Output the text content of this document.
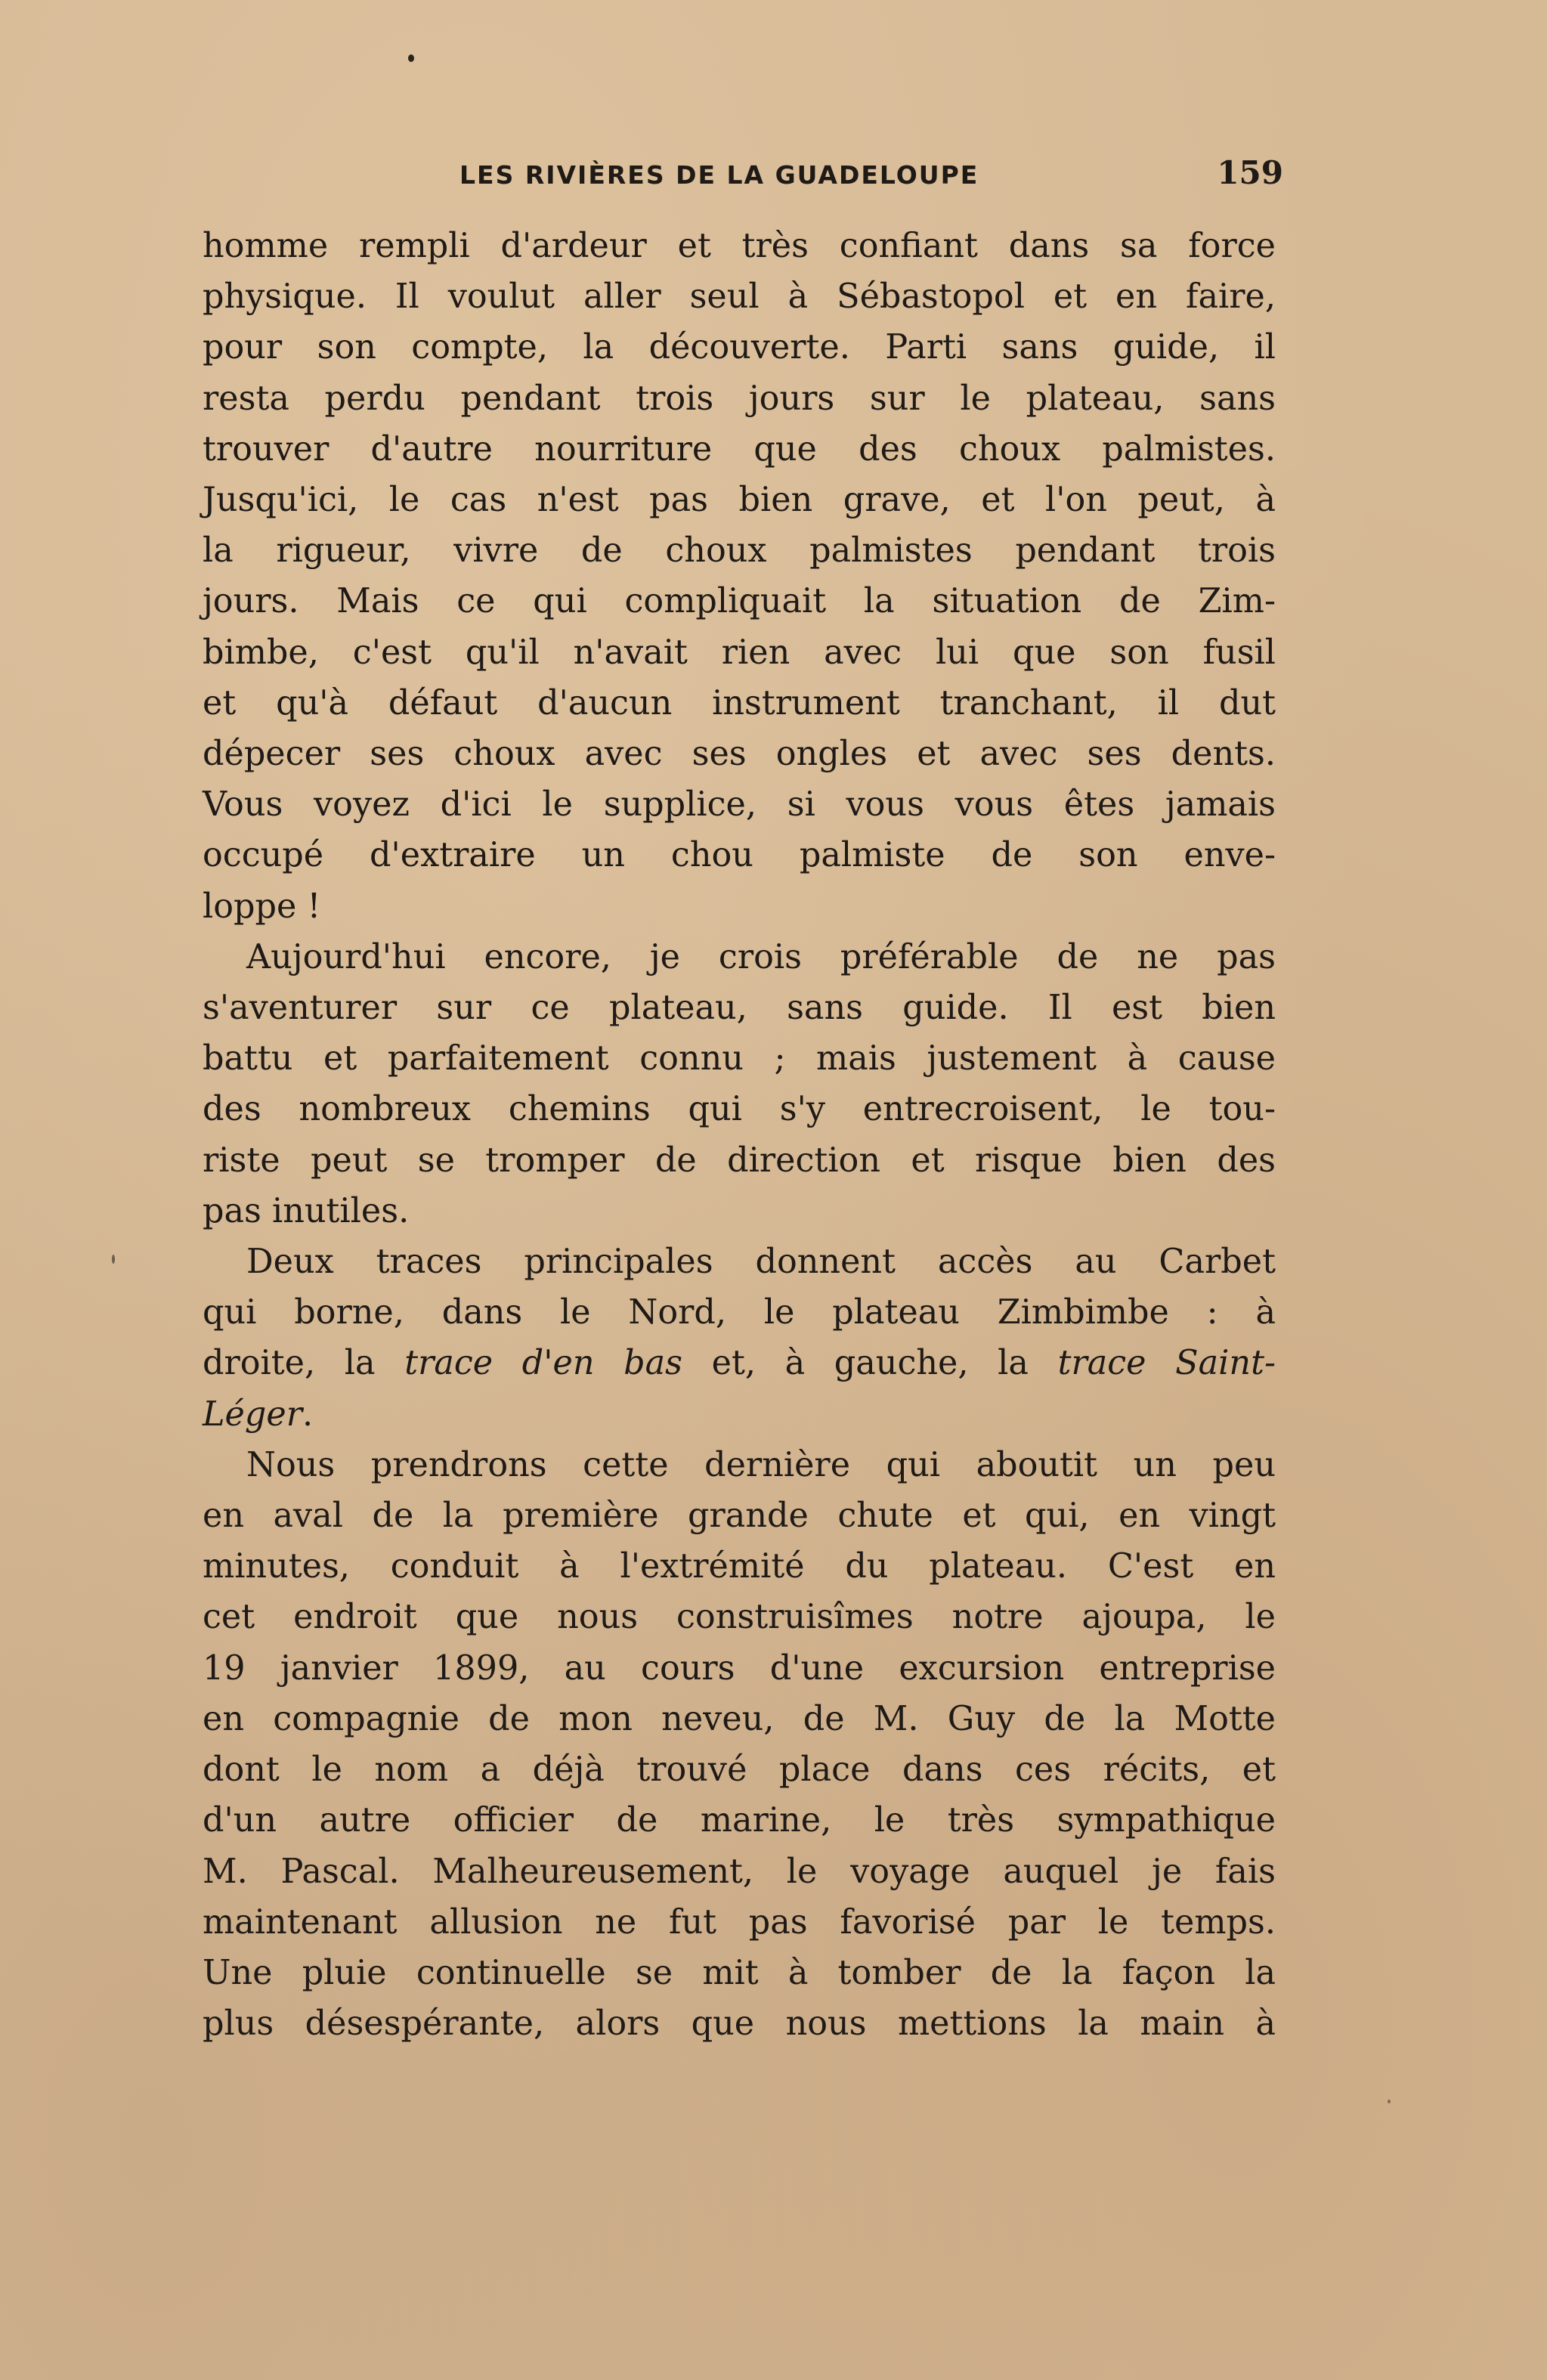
LES RIVIÈRES DE LA GUADELOUPE	159
homme rempli d'ardeur et très confiant dans sa force
physique. Il voulut aller seul à Sébastopol et en faire,
pour son compte, la découverte. Parti sans guide, il
resta perdu pendant trois jours sur le plateau, sans
trouver d'autre nourriture que des choux palmistes.
Jusqu'ici, le cas n'est pas bien grave, et l'on peut, à
la rigueur, vivre de choux palmistes pendant trois
jours. Mais ce qui compliquait la situation de Zim-
bimbe, c'est qu'il n'avait rien avec lui que son fusil
et qu'à défaut d'aucun instrument tranchant, il dut
dépecer ses choux avec ses ongles et avec ses dents.
Vous voyez d'ici le supplice, si vous vous êtes jamais
occupé d'extraire un chou palmiste de son enve-
loppe !
Aujourd'hui encore, je crois préférable de ne pas
s'aventurer sur ce plateau, sans guide. Il est bien
battu et parfaitement connu ; mais justement à cause
des nombreux chemins qui s'y entrecroisent, le tou-
riste peut se tromper de direction et risque bien des
pas inutiles.
Deux traces principales donnent accès au Carbet
qui borne, dans le Nord, le plateau Zimbimbe : à
droite, la trace d'en bas et, à gauche, la trace Saint-
Léger.
Nous prendrons cette dernière qui aboutit un peu
en aval de la première grande chute et qui, en vingt
minutes, conduit à l'extrémité du plateau. C'est en
cet endroit que nous construisîmes notre ajoupa, le
19 janvier 1899, au cours d'une excursion entreprise
en compagnie de mon neveu, de M. Guy de la Motte
dont le nom a déjà trouvé place dans ces récits, et
d'un autre officier de marine, le très sympathique
M. Pascal. Malheureusement, le voyage auquel je fais
maintenant allusion ne fut pas favorisé par le temps.
Une pluie continuelle se mit à tomber de la façon la
plus désespérante, alors que nous mettions la main à
